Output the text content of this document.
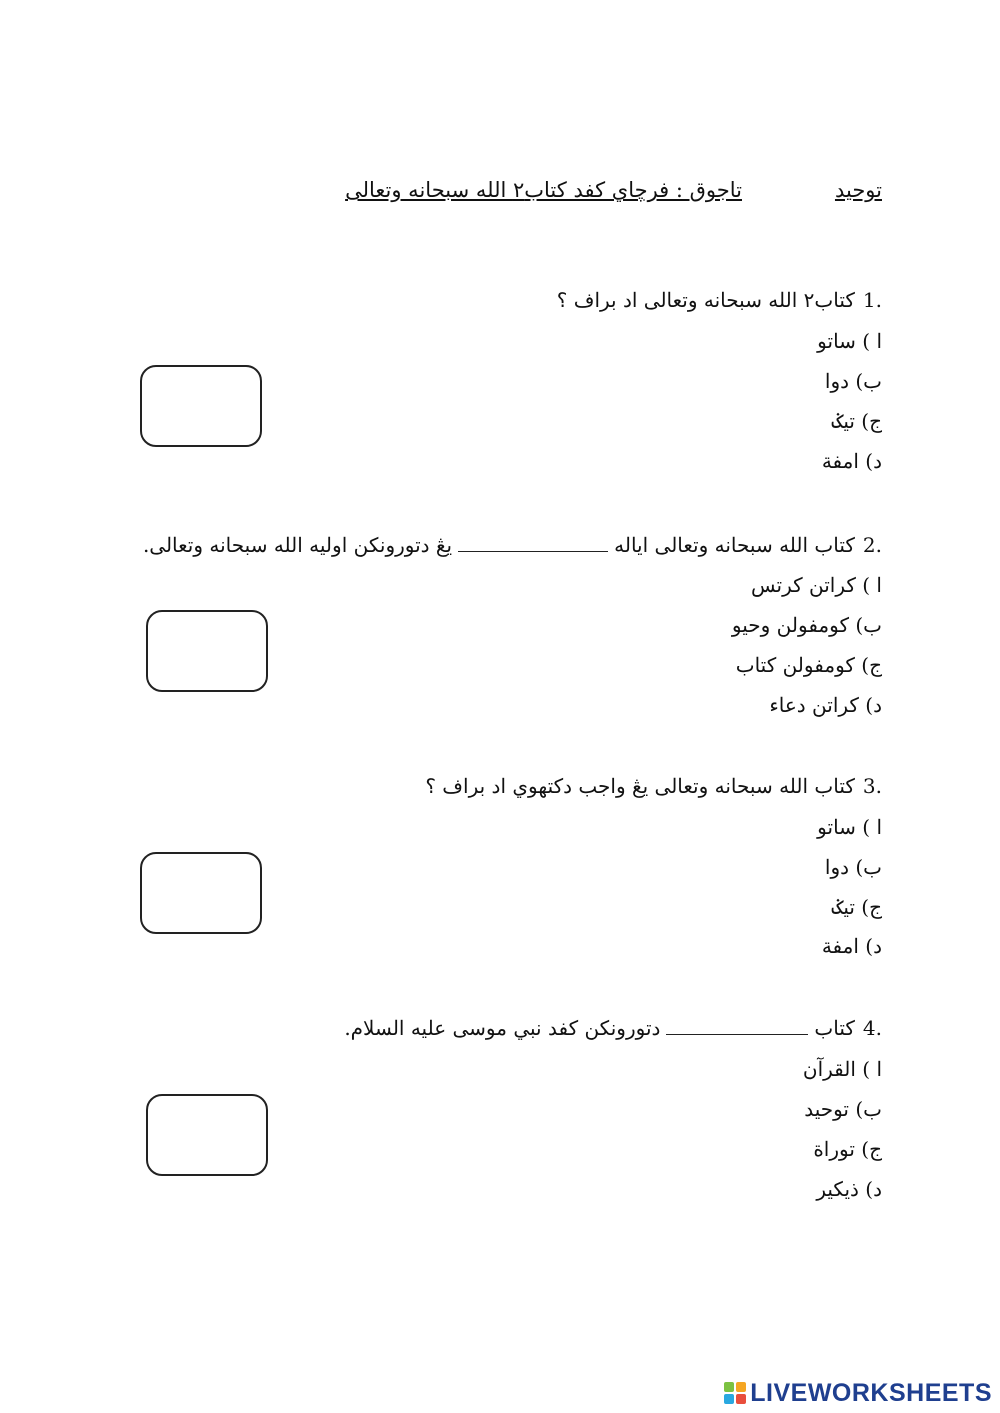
توحيد
تاجوق : فرچاي كفد كتاب٢ الله سبحانه وتعالى
.1كتاب٢ الله سبحانه وتعالى اد براف ؟
ا ) ساتو
ب) دوا
ج) تيݢ
د) امفة
.2كتاب الله سبحانه وتعالى ايالهيڠ دتورونكن اوليه الله سبحانه وتعالى.
ا ) كراتن كرتس
ب) كومفولن وحيو
ج) كومفولن كتاب
د) كراتن دعاء
.3كتاب الله سبحانه وتعالى يڠ واجب دكتهوي اد براف ؟
ا ) ساتو
ب) دوا
ج) تيݢ
د) امفة
.4كتابدتورونكن كفد نبي موسى عليه السلام.
ا ) القرآن
ب) توحيد
ج) توراة
د) ذيكير
LIVEWORKSHEETS
